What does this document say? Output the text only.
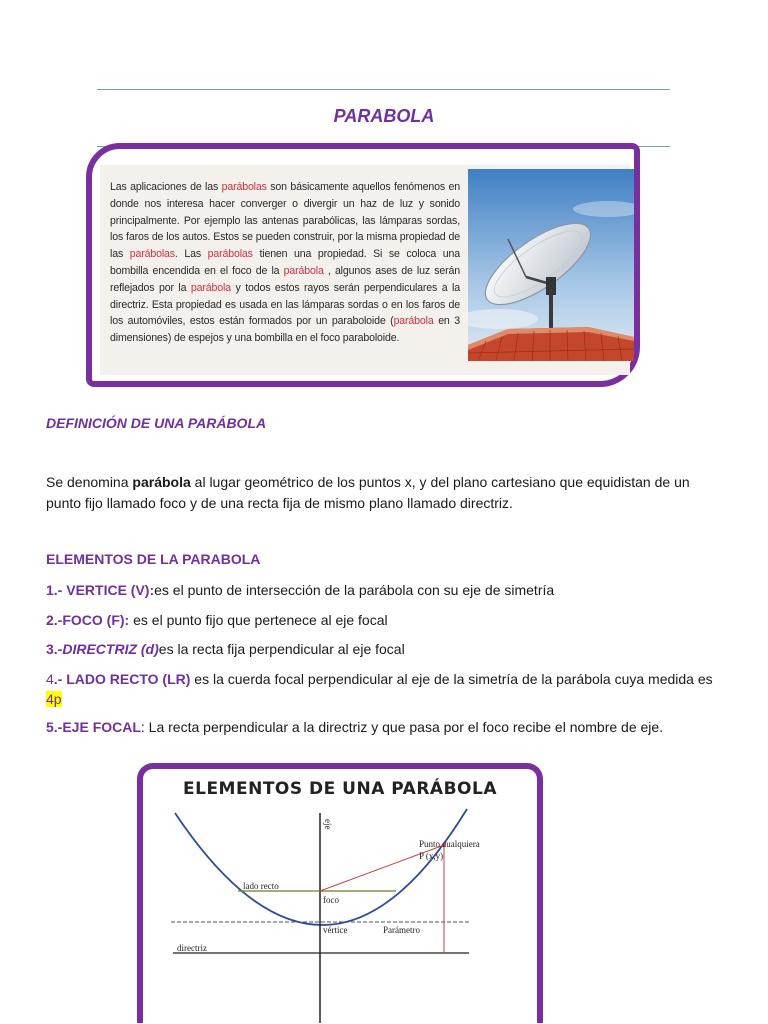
PARABOLA
Las aplicaciones de las parábolas son básicamente aquellos fenómenos en donde nos interesa hacer converger o divergir un haz de luz y sonido principalmente. Por ejemplo las antenas parabólicas, las lámparas sordas, los faros de los autos. Estos se pueden construir, por la misma propiedad de las parábolas. Las parábolas tienen una propiedad. Si se coloca una bombilla encendida en el foco de la parábola , algunos ases de luz serán reflejados por la parábola y todos estos rayos serán perpendiculares a la directriz. Esta propiedad es usada en las lámparas sordas o en los faros de los automóviles, estos están formados por un paraboloide (parábola en 3 dimensiones) de espejos y una bombilla en el foco paraboloide.
DEFINICIÓN DE UNA PARÁBOLA
Se denomina parábola al lugar geométrico de los puntos x, y del plano cartesiano que equidistan de un punto fijo llamado foco y de una recta fija de mismo plano llamado directriz.
ELEMENTOS DE LA PARABOLA
1.- VERTICE (V):es el punto de intersección de la parábola con su eje de simetría
2.-FOCO (F): es el punto fijo que pertenece al eje focal
3.-DIRECTRIZ (d)es la recta fija perpendicular al eje focal
4.- LADO RECTO (LR) es la cuerda focal perpendicular al eje de la simetría de la parábola cuya medida es 4p
5.-EJE FOCAL: La recta perpendicular a la directriz y que pasa por el foco recibe el nombre de eje.
ELEMENTOS DE UNA PARÁBOLA
eje
Punto cualquiera
P (x,y)
lado recto
foco
vértice	Parámetro
directriz
